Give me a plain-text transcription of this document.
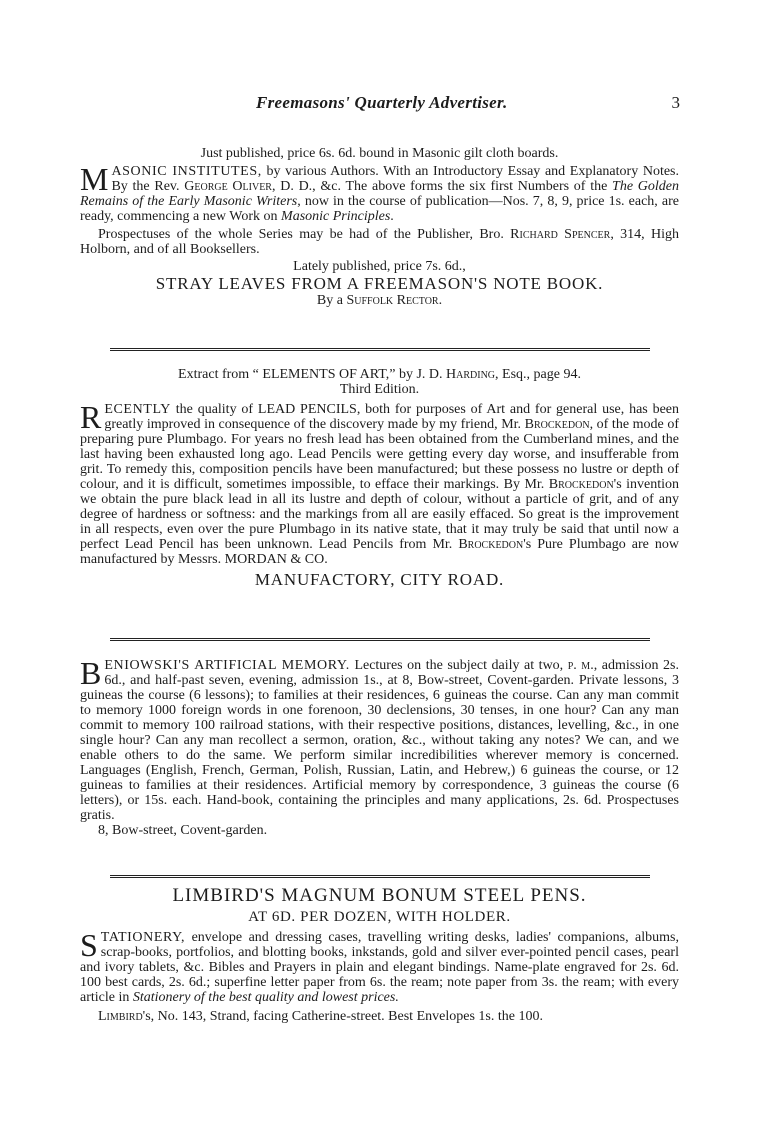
Freemasons' Quarterly Advertiser.	3

Just published, price 6s. 6d. bound in Masonic gilt cloth boards.

MASONIC INSTITUTES, by various Authors. With an Introductory Essay and Explanatory Notes. By the Rev. George Oliver, D. D., &c. The above forms the six first Numbers of the The Golden Remains of the Early Masonic Writers, now in the course of publication—Nos. 7, 8, 9, price 1s. each, are ready, commencing a new Work on Masonic Principles.

Prospectuses of the whole Series may be had of the Publisher, Bro. Richard Spencer, 314, High Holborn, and of all Booksellers.

Lately published, price 7s. 6d.,

STRAY LEAVES FROM A FREEMASON'S NOTE BOOK.

By a Suffolk Rector.

Extract from “ ELEMENTS OF ART,” by J. D. Harding, Esq., page 94.

Third Edition.

RECENTLY the quality of LEAD PENCILS, both for purposes of Art and for general use, has been greatly improved in consequence of the discovery made by my friend, Mr. Brockedon, of the mode of preparing pure Plumbago. For years no fresh lead has been obtained from the Cumberland mines, and the last having been exhausted long ago. Lead Pencils were getting every day worse, and insufferable from grit. To remedy this, composition pencils have been manufactured; but these possess no lustre or depth of colour, and it is difficult, sometimes impossible, to efface their markings. By Mr. Brockedon's invention we obtain the pure black lead in all its lustre and depth of colour, without a particle of grit, and of any degree of hardness or softness: and the markings from all are easily effaced. So great is the improvement in all respects, even over the pure Plumbago in its native state, that it may truly be said that until now a perfect Lead Pencil has been unknown. Lead Pencils from Mr. Brockedon's Pure Plumbago are now manufactured by Messrs. MORDAN & CO.

MANUFACTORY, CITY ROAD.

BENIOWSKI'S ARTIFICIAL MEMORY. Lectures on the subject daily at two, p. m., admission 2s. 6d., and half-past seven, evening, admission 1s., at 8, Bow-street, Covent-garden. Private lessons, 3 guineas the course (6 lessons); to families at their residences, 6 guineas the course. Can any man commit to memory 1000 foreign words in one forenoon, 30 declensions, 30 tenses, in one hour? Can any man commit to memory 100 railroad stations, with their respective positions, distances, levelling, &c., in one single hour? Can any man recollect a sermon, oration, &c., without taking any notes? We can, and we enable others to do the same. We perform similar incredibilities wherever memory is concerned. Languages (English, French, German, Polish, Russian, Latin, and Hebrew,) 6 guineas the course, or 12 guineas to families at their residences. Artificial memory by correspondence, 3 guineas the course (6 letters), or 15s. each. Hand-book, containing the principles and many applications, 2s. 6d. Prospectuses gratis.

8, Bow-street, Covent-garden.

LIMBIRD'S MAGNUM BONUM STEEL PENS.

AT 6D. PER DOZEN, WITH HOLDER.

STATIONERY, envelope and dressing cases, travelling writing desks, ladies' companions, albums, scrap-books, portfolios, and blotting books, inkstands, gold and silver ever-pointed pencil cases, pearl and ivory tablets, &c. Bibles and Prayers in plain and elegant bindings. Name-plate engraved for 2s. 6d. 100 best cards, 2s. 6d.; superfine letter paper from 6s. the ream; note paper from 3s. the ream; with every article in Stationery of the best quality and lowest prices.

Limbird's, No. 143, Strand, facing Catherine-street. Best Envelopes 1s. the 100.
